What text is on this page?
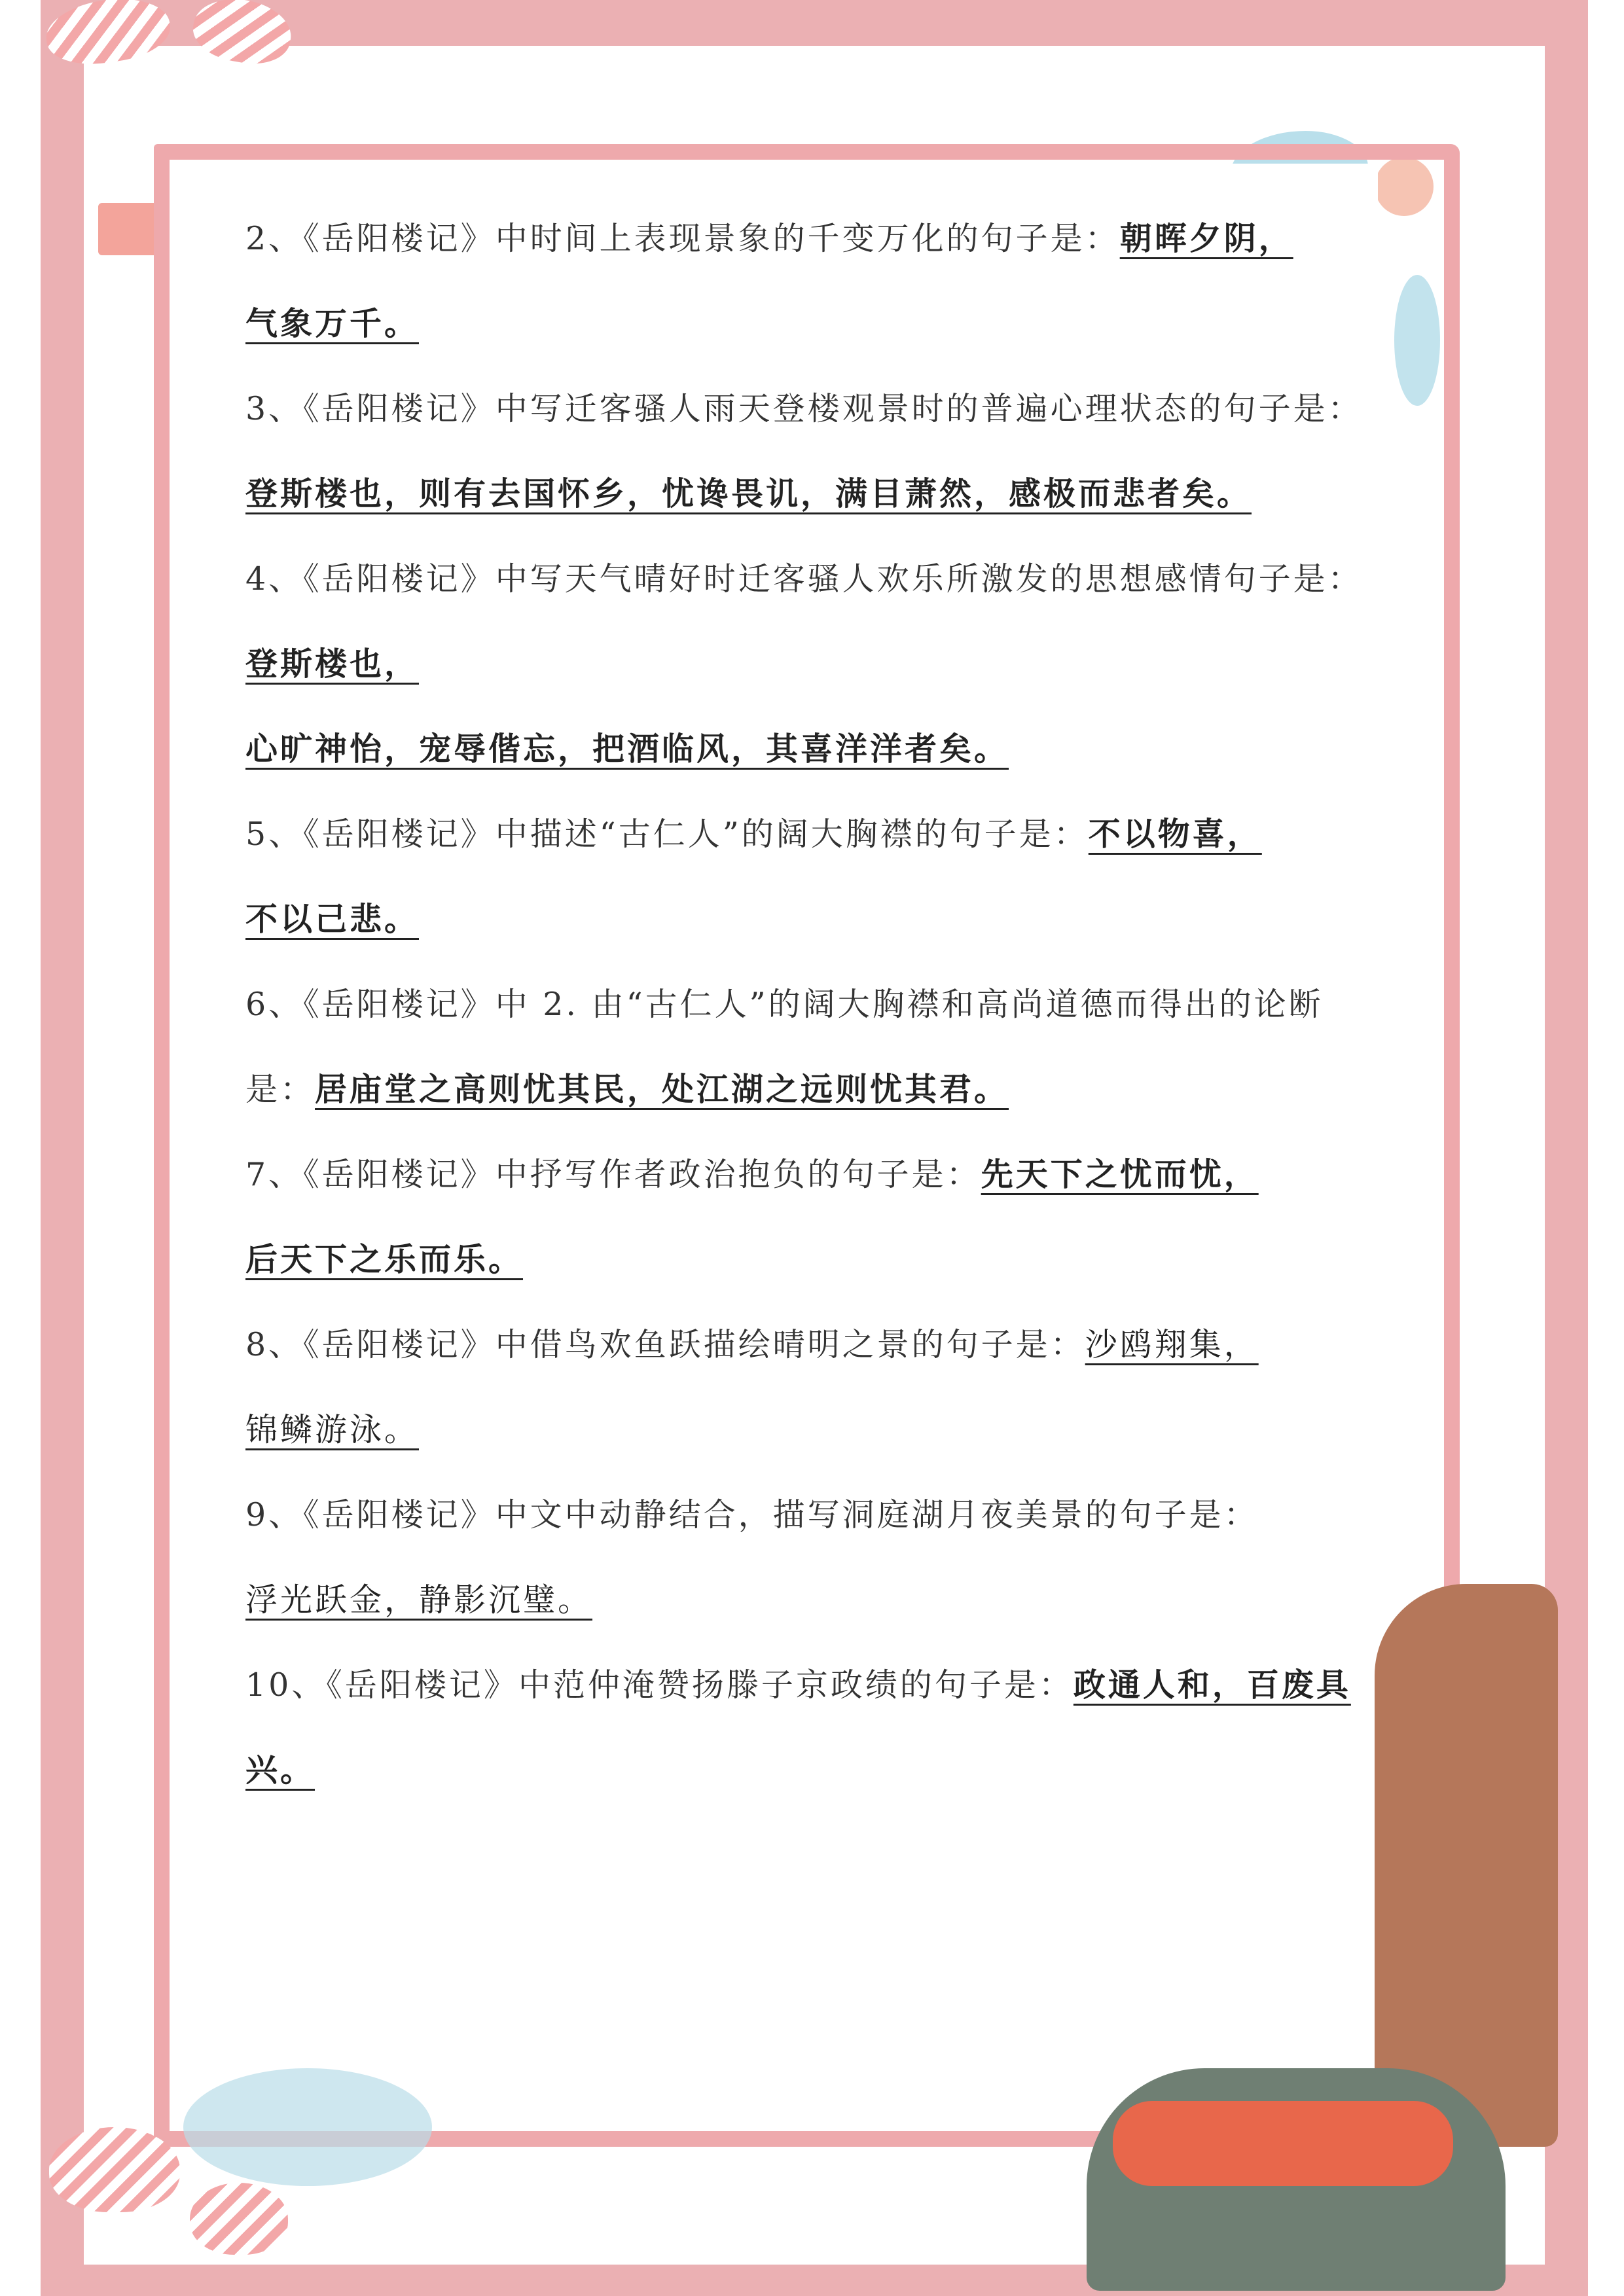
2、《岳阳楼记》中时间上表现景象的千变万化的句子是：朝晖夕阴，
气象万千。

3、《岳阳楼记》中写迁客骚人雨天登楼观景时的普遍心理状态的句子是：登斯楼也，则有去国怀乡，忧谗畏讥，满目萧然，感极而悲者矣。

4、《岳阳楼记》中写天气晴好时迁客骚人欢乐所激发的思想感情句子是：登斯楼也，
心旷神怡，宠辱偕忘，把酒临风，其喜洋洋者矣。

5、《岳阳楼记》中描述“古仁人”的阔大胸襟的句子是：不以物喜，
不以己悲。

6、《岳阳楼记》中 2. 由“古仁人”的阔大胸襟和高尚道德而得出的论断是：居庙堂之高则忧其民，处江湖之远则忧其君。

7、《岳阳楼记》中抒写作者政治抱负的句子是：先天下之忧而忧，
后天下之乐而乐。

8、《岳阳楼记》中借鸟欢鱼跃描绘晴明之景的句子是：沙鸥翔集，
锦鳞游泳。

9、《岳阳楼记》中文中动静结合，描写洞庭湖月夜美景的句子是：
浮光跃金，静影沉璧。

10、《岳阳楼记》中范仲淹赞扬滕子京政绩的句子是：政通人和，百废具兴。
